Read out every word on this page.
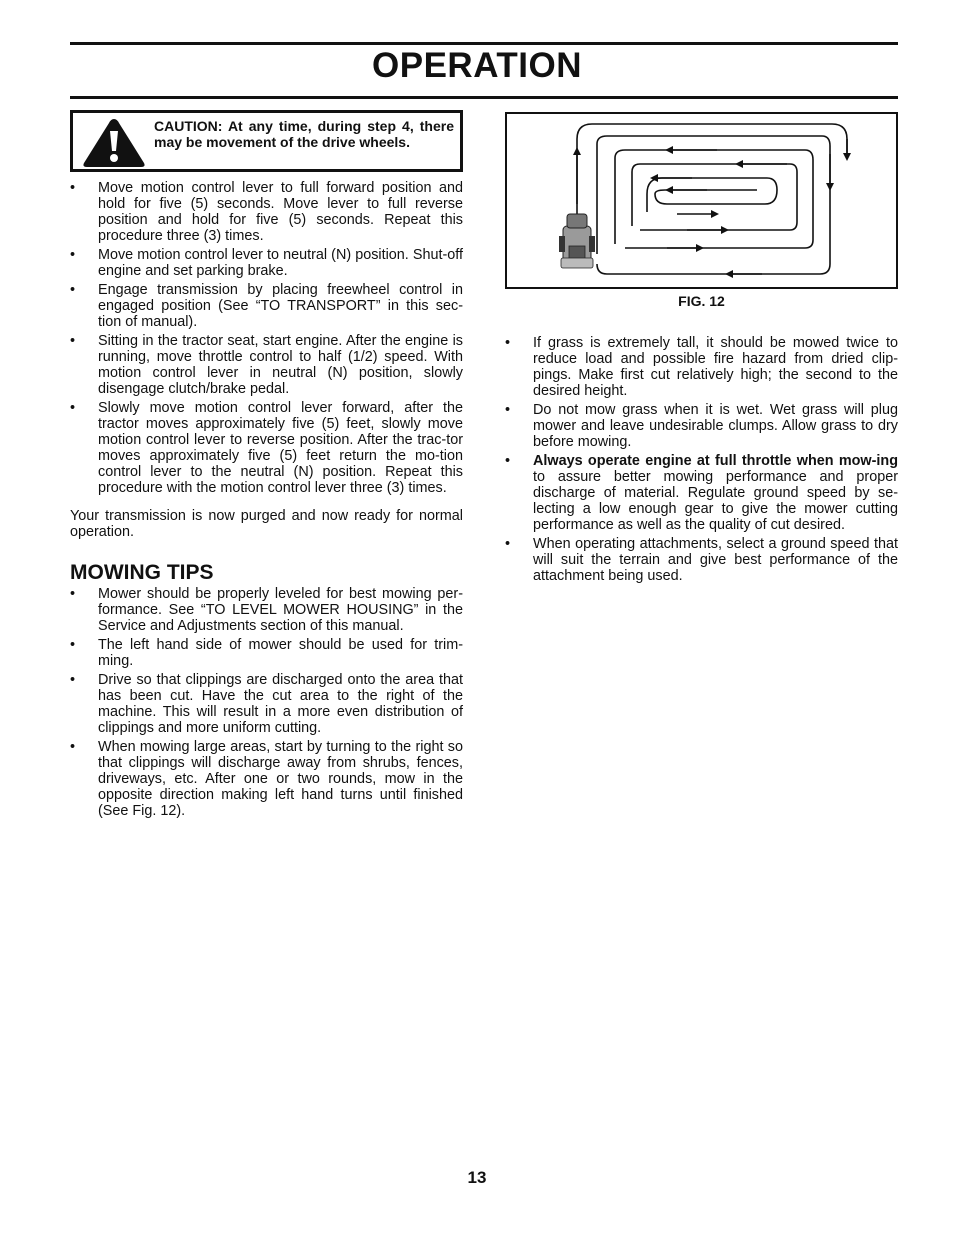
OPERATION
CAUTION: At any time, during step 4, there may be movement of the drive wheels.
• Move motion control lever to full forward position and hold for five (5) seconds. Move lever to full reverse position and hold for five (5) seconds. Repeat this procedure three (3) times.
• Move motion control lever to neutral (N) position. Shut-off engine and set parking brake.
• Engage transmission by placing freewheel control in engaged position (See “TO TRANSPORT” in this sec-tion of manual).
• Sitting in the tractor seat, start engine. After the engine is running, move throttle control to half (1/2) speed. With motion control lever in neutral (N) position, slowly disengage clutch/brake pedal.
• Slowly move motion control lever forward, after the tractor moves approximately five (5) feet, slowly move motion control lever to reverse position. After the trac-tor moves approximately five (5) feet return the mo-tion control lever to the neutral (N) position. Repeat this procedure with the motion control lever three (3) times.

Your transmission is now purged and now ready for normal operation.

MOWING TIPS
• Mower should be properly leveled for best mowing per-formance. See “TO LEVEL MOWER HOUSING” in the Service and Adjustments section of this manual.
• The left hand side of mower should be used for trim-ming.
• Drive so that clippings are discharged onto the area that has been cut. Have the cut area to the right of the machine. This will result in a more even distribution of clippings and more uniform cutting.
• When mowing large areas, start by turning to the right so that clippings will discharge away from shrubs, fences, driveways, etc. After one or two rounds, mow in the opposite direction making left hand turns until finished (See Fig. 12).
FIG. 12
• If grass is extremely tall, it should be mowed twice to reduce load and possible fire hazard from dried clip-pings. Make first cut relatively high; the second to the desired height.
• Do not mow grass when it is wet. Wet grass will plug mower and leave undesirable clumps. Allow grass to dry before mowing.
• Always operate engine at full throttle when mow-ing to assure better mowing performance and proper discharge of material. Regulate ground speed by se-lecting a low enough gear to give the mower cutting performance as well as the quality of cut desired.
• When operating attachments, select a ground speed that will suit the terrain and give best performance of the attachment being used.
13
